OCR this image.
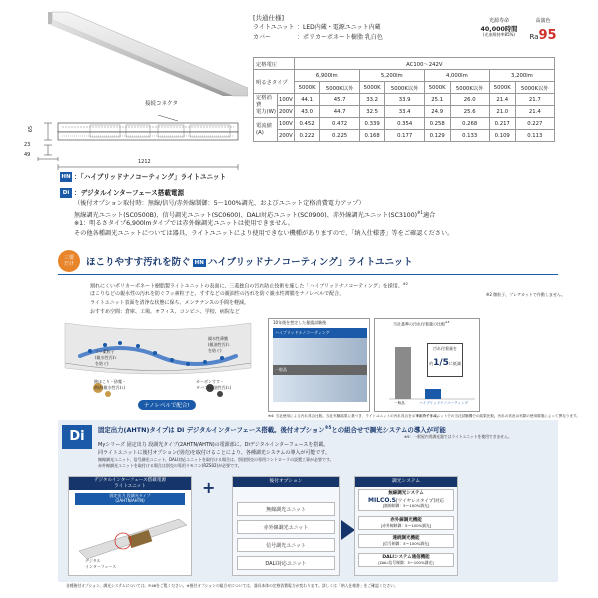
接続コネクタ
65
23
49
1212
[共通仕様]
ライトユニット ：LED内蔵・電源ユニット内蔵
カバー	：ポリカーボネート樹脂 乳白色
光源寿命
40,000時間
(光束維持率85%)
高演色
Ra95
定格電圧		AC100〜242V							
明るさタイプ		6,900lm		5,200lm		4,000lm		3,200lm	
		5000K	5000K以外	5000K	5000K以外	5000K	5000K以外	5000K	5000K以外
定格消費
電力(W)	100V	44.1	45.7	33.2	33.9	25.1	26.0	21.4	21.7
	200V	43.0	44.7	32.5	33.4	24.9	25.6	21.0	21.4
電流値
(A)	100V	0.452	0.472	0.339	0.354	0.258	0.268	0.217	0.227
	200V	0.222	0.225	0.168	0.177	0.129	0.133	0.109	0.113
HN ：「ハイブリッドナノコーティング」ライトユニット
Di ：デジタルインターフェース搭載電源
（後付オプション取付時：無線/信号/赤外線制御：5〜100%調光、およびユニット定格消費電力アップ）
無線調光ユニット(SC0500B)、信号調光ユニット(SC0600)、DALI対応ユニット(SC0900)、赤外線調光ユニット$(SC3100)^{※1}$適合
※1：明るさタイプ6,900lmタイプでは赤外線調光ユニットは使用できません。
その他各種調光ユニットについては器具、ライトユニットにより使用できない機種がありますので、「納入仕様書」等をご確認ください。
三要
だけ	ほこりやすす汚れを防ぐ HN ハイブリッドナノコーティング」ライトユニット
割れにくいポリカーボネート樹脂製ライトユニットの表面に、三菱独自の汚れ防止技術を施した「ハイブリッドナノコーティング」を採用。$^{※2}$
ほこりなどの親水性の汚れを防ぐフッ素粒子と、すすなどの親油性の汚れを防ぐ親水性薄膜をナノレベルで配合。
ライトユニット表面を清浄な状態に保ち、メンテナンスの手間を軽減。
おすすめ空間：倉庫、工場、オフィス、コンビニ、学校、病院など
※2 微粒子、プレアカットで作動しません。
フッ素粒子
(親水性汚れ
を防ぐ)
親水性薄膜
(親油性汚れ
を防ぐ)
綿ほこり・砂塵・
黄砂(親水性汚れ)
カーボンすす・
タバコ(親油性汚れ)
ナノレベルで配合!
10年後を想定した暴露試験後
ハイブリッドナノコーティング
一般品
※4: 当社使用による汚れ具合比較。当社実験結果に基づき、ライトユニットの汚れ具合を示す目的で作成。
当社基準の汚れ付着量の比較$^{※3}$
汚れ付着量を
約1/5に低減
一般品	ハイブリッドナノコーティング
※3 ライトユニットでの当社試験機での結果比較。汚れの状況は実際の使用環境によって異なります。
Di	固定出力(AHTN)タイプは Di デジタルインターフェース搭載。後付オプション$^{※5}$との組合せで調光システムの導入が可能
※5：一般屋内用調光器ではライトユニットを使用できません。
Myシリーズ 固定出力 段調光タイプ(2AHTN/AHTN)の電源部に、Diデジタルインターフェースを搭載。
同ライトユニットに後付オプション(別売)を取付けることにより、各種調光システムの導入が可能です。
無線調光ユニット、信号調光ユニット、DALI対応ユニットを取付ける場合は、別途別売の専用コントローラの設置工事が必要です。
赤外線調光ユニットを取付ける場合は別売の専用リモコン(RZS02)が必要です。
デジタルインターフェース搭載電源
ライトユニット
固定出力 段調光タイプ
(2AHTN/AHTN)
デジタル
インターフェース
+	後付オプション
無線調光ユニット
赤外線調光ユニット
信号調光ユニット
DALI対応ユニット
調光システム
無線調光システム
MILCO.S[ワイヤレスタイプ]対応
[無線制御：5〜100%調光]
赤外線調光機能
[赤外線制御：5〜100%調光]
連続調光機能
[信号制御：5〜100%調光]
DALIシステム通信機能
[DALI信号制御：5〜100%調光]
各種後付オプション、調光システムについては、P.46をご覧ください。※後付オプションの組合せについては、器具本体の定格消費電力が変わります。詳しくは「納入仕様書」をご確認ください。
